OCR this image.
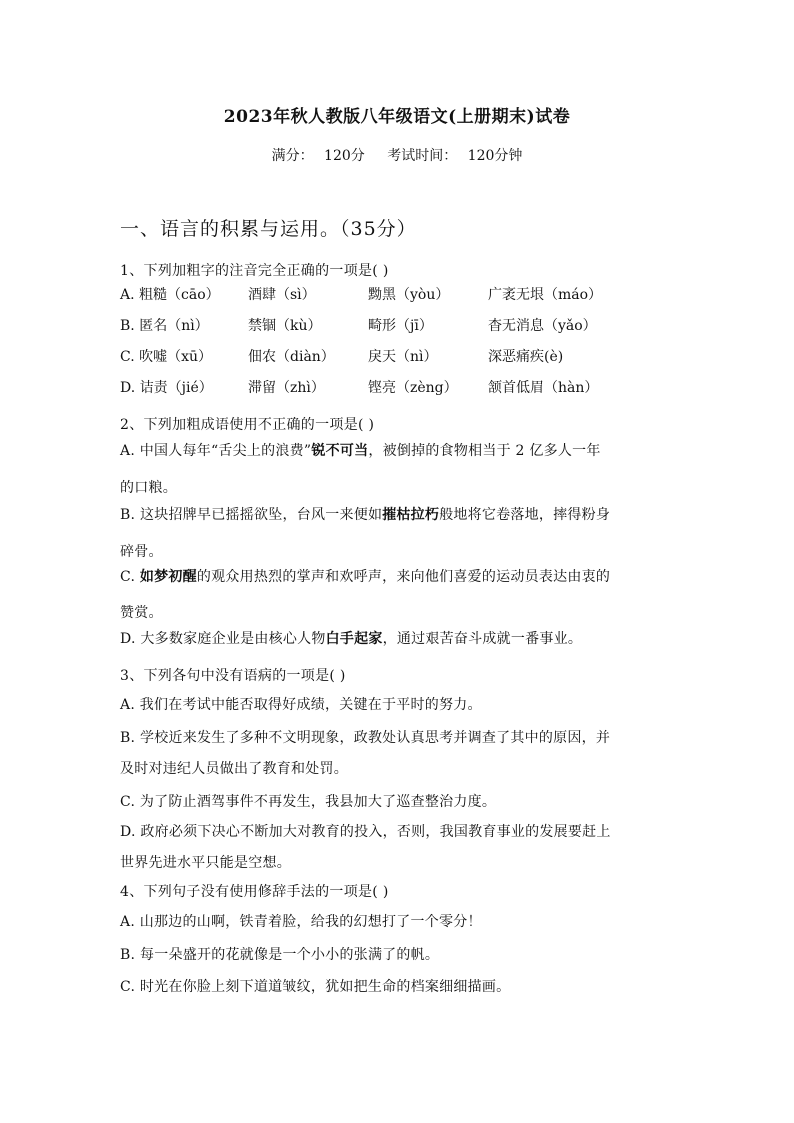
2023年秋人教版八年级语文(上册期末)试卷
满分： 120分 考试时间： 120分钟
一、语言的积累与运用。（35分）
1、下列加粗字的注音完全正确的一项是( )
A. 粗糙（cāo） 酒肆（sì）	黝黑（yòu）	广袤无垠（máo）
B. 匿名（nì）	禁锢（kù）	畸形（jī）	杳无消息（yǎo）
C. 吹嘘（xū）	佃农（diàn） 戾天（nì）	深恶痛疾(è)
D. 诘责（jié）	滞留（zhì）	铿亮（zèng） 颔首低眉（hàn）
2、下列加粗成语使用不正确的一项是( )
A. 中国人每年“舌尖上的浪费”锐不可当，被倒掉的食物相当于 2 亿多人一年
的口粮。
B. 这块招牌早已摇摇欲坠，台风一来便如摧枯拉朽般地将它卷落地，摔得粉身
碎骨。
C. 如梦初醒的观众用热烈的掌声和欢呼声，来向他们喜爱的运动员表达由衷的
赞赏。
D. 大多数家庭企业是由核心人物白手起家，通过艰苦奋斗成就一番事业。
3、下列各句中没有语病的一项是( )
A. 我们在考试中能否取得好成绩，关键在于平时的努力。
B. 学校近来发生了多种不文明现象，政教处认真思考并调查了其中的原因，并
及时对违纪人员做出了教育和处罚。
C. 为了防止酒驾事件不再发生，我县加大了巡查整治力度。
D. 政府必须下决心不断加大对教育的投入，否则，我国教育事业的发展要赶上
世界先进水平只能是空想。
4、下列句子没有使用修辞手法的一项是( )
A. 山那边的山啊，铁青着脸，给我的幻想打了一个零分！
B. 每一朵盛开的花就像是一个小小的张满了的帆。
C. 时光在你脸上刻下道道皱纹，犹如把生命的档案细细描画。
